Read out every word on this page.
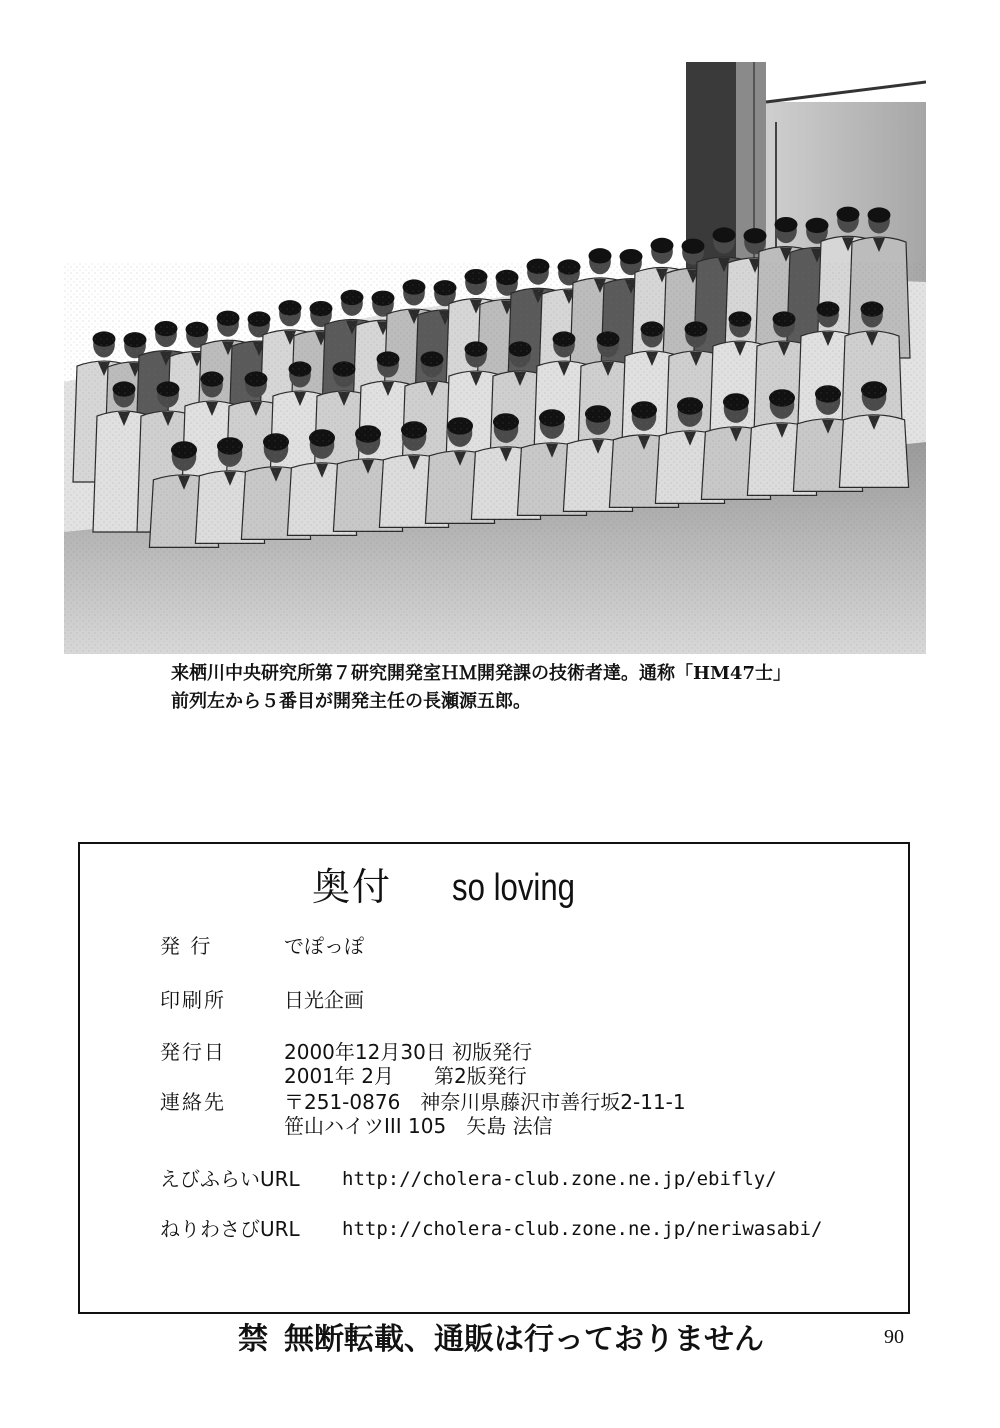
来栖川中央研究所第７研究開発室ＨＭ開発課の技術者達。通称「HM47士」
前列左から５番目が開発主任の長瀬源五郎。
奥付 so loving
発 行	でぽっぽ
印刷所	日光企画
発行日	2000年12月30日 初版発行
2001年 2月　　第2版発行
連絡先	〒251-0876　神奈川県藤沢市善行坂2-11-1
笹山ハイツIII 105　矢島 法信
えびふらいURL http://cholera-club.zone.ne.jp/ebifly/
ねりわさびURL http://cholera-club.zone.ne.jp/neriwasabi/
禁 無断転載、通販は行っておりません	90
